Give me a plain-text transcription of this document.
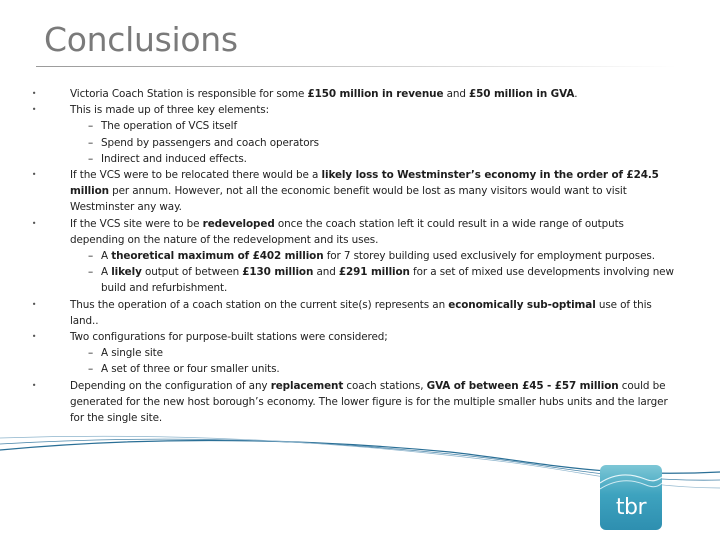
Conclusions
•	Victoria Coach Station is responsible for some £150 million in revenue and £50 million in GVA.
•	This is made up of three key elements:
– The operation of VCS itself
– Spend by passengers and coach operators
– Indirect and induced effects.
•	If the VCS were to be relocated there would be a likely loss to Westminster’s economy in the order of £24.5 million per annum. However, not all the economic benefit would be lost as many visitors would want to visit Westminster any way.
•	If the VCS site were to be redeveloped once the coach station left it could result in a wide range of outputs depending on the nature of the redevelopment and its uses.
– A theoretical maximum of £402 million for 7 storey building used exclusively for employment purposes.
– A likely output of between £130 million and £291 million for a set of mixed use developments involving new build and refurbishment.
•	Thus the operation of a coach station on the current site(s) represents an economically sub-optimal use of this land..
•	Two configurations for purpose-built stations were considered;
– A single site
– A set of three or four smaller units.
•	Depending on the configuration of any replacement coach stations, GVA of between £45 - £57 million could be generated for the new host borough’s economy. The lower figure is for the multiple smaller hubs units and the larger for the single site.
tbr
